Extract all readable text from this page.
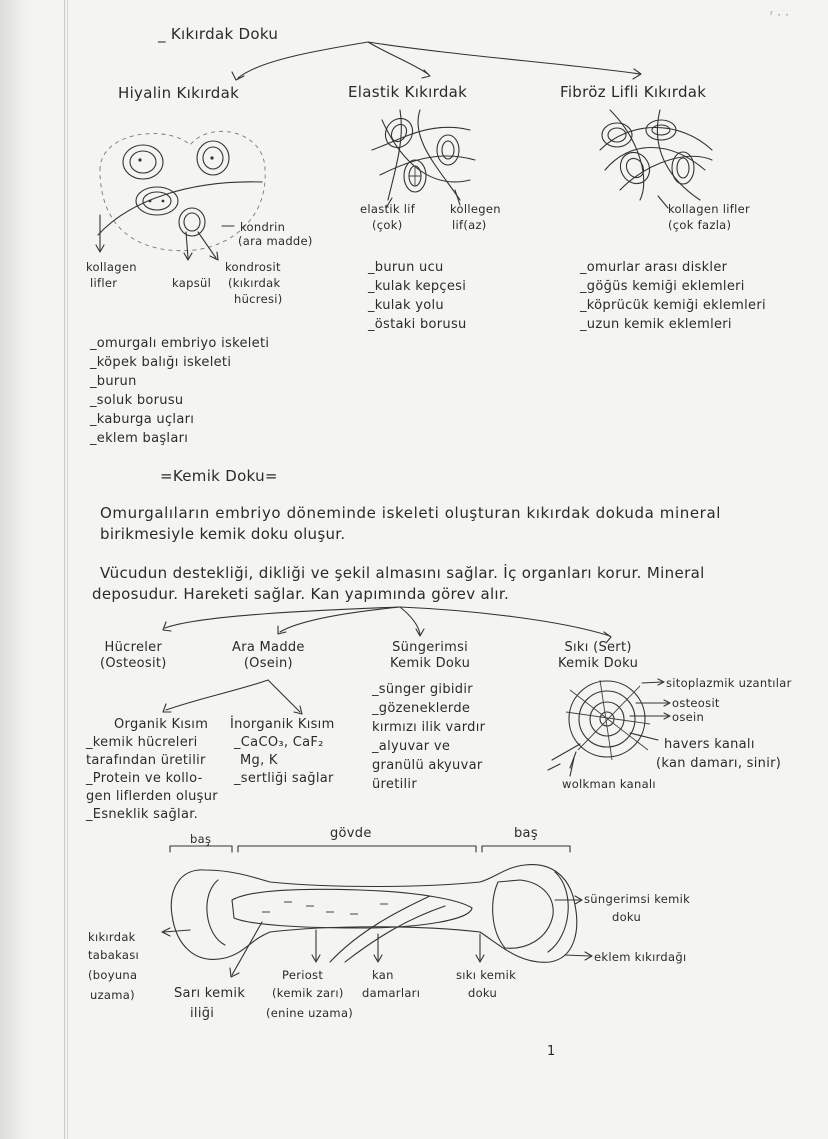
ʳ · ·
_ Kıkırdak Doku
Hiyalin Kıkırdak	Elastik Kıkırdak	Fibröz Lifli Kıkırdak
kondrin
(ara madde)
kollagen
lifler	kapsül
kondrosit
(kıkırdak
hücresi)
elastik lif
(çok)
kollegen
lif(az)
kollagen lifler
(çok fazla)
_omurgalı embriyo iskeleti
_köpek balığı iskeleti
_burun
_soluk borusu
_kaburga uçları
_eklem başları
_burun ucu
_kulak kepçesi
_kulak yolu
_östaki borusu
_omurlar arası diskler
_göğüs kemiği eklemleri
_köprücük kemiği eklemleri
_uzun kemik eklemleri
=Kemik Doku=
Omurgalıların embriyo döneminde iskeleti oluşturan kıkırdak dokuda mineral
birikmesiyle kemik doku oluşur.
Vücudun destekliği, dikliği ve şekil almasını sağlar. İç organları korur. Mineral
deposudur. Hareketi sağlar. Kan yapımında görev alır.
Hücreler
(Osteosit)
Ara Madde
(Osein)
Süngerimsi
Kemik Doku
Sıkı (Sert)
Kemik Doku
Organik Kısım
_kemik hücreleri
tarafından üretilir
_Protein ve kollo-
gen liflerden oluşur
_Esneklik sağlar.
İnorganik Kısım
_CaCO₃, CaF₂
Mg, K
_sertliği sağlar
_sünger gibidir
_gözeneklerde
kırmızı ilik vardır
_alyuvar ve
granülü akyuvar
üretilir
sitoplazmik uzantılar
osteosit
osein
havers kanalı
(kan damarı, sinir)
wolkman kanalı
baş	gövde	baş
kıkırdak
tabakası
(boyuna
uzama)	Sarı kemik
iliği
Periost
(kemik zarı)
(enine uzama)
kan
damarları
sıkı kemik
doku
süngerimsi kemik
doku
eklem kıkırdağı
1
